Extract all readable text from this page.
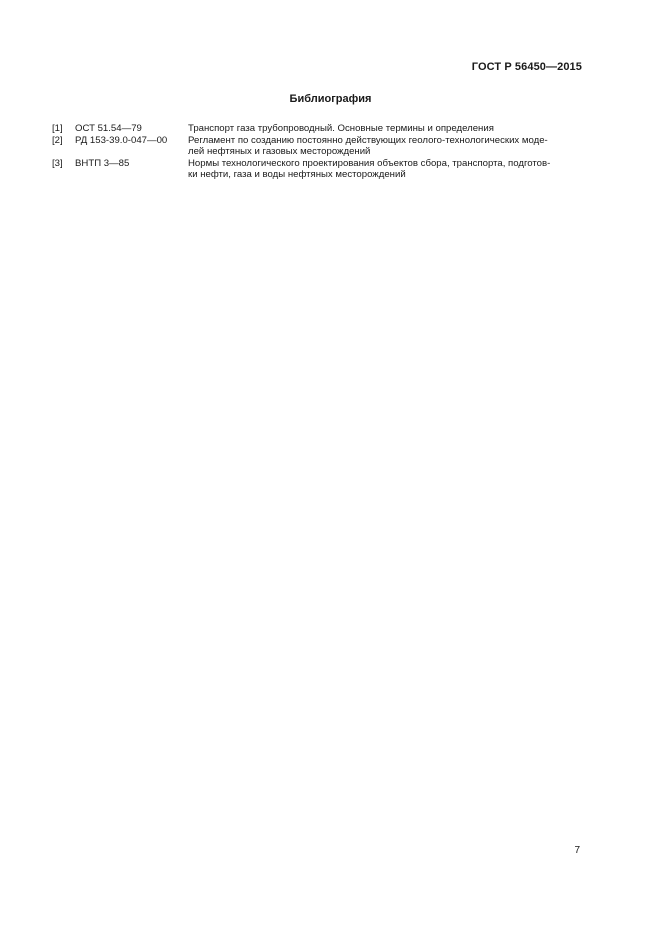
ГОСТ Р 56450—2015
Библиография
[1]	ОСТ 51.54—79	Транспорт газа трубопроводный. Основные термины и определения
[2]	РД 153-39.0-047—00	Регламент по созданию постоянно действующих геолого-технологических моде-
лей нефтяных и газовых месторождений
[3]	ВНТП 3—85	Нормы технологического проектирования объектов сбора, транспорта, подготов-
ки нефти, газа и воды нефтяных месторождений
7
